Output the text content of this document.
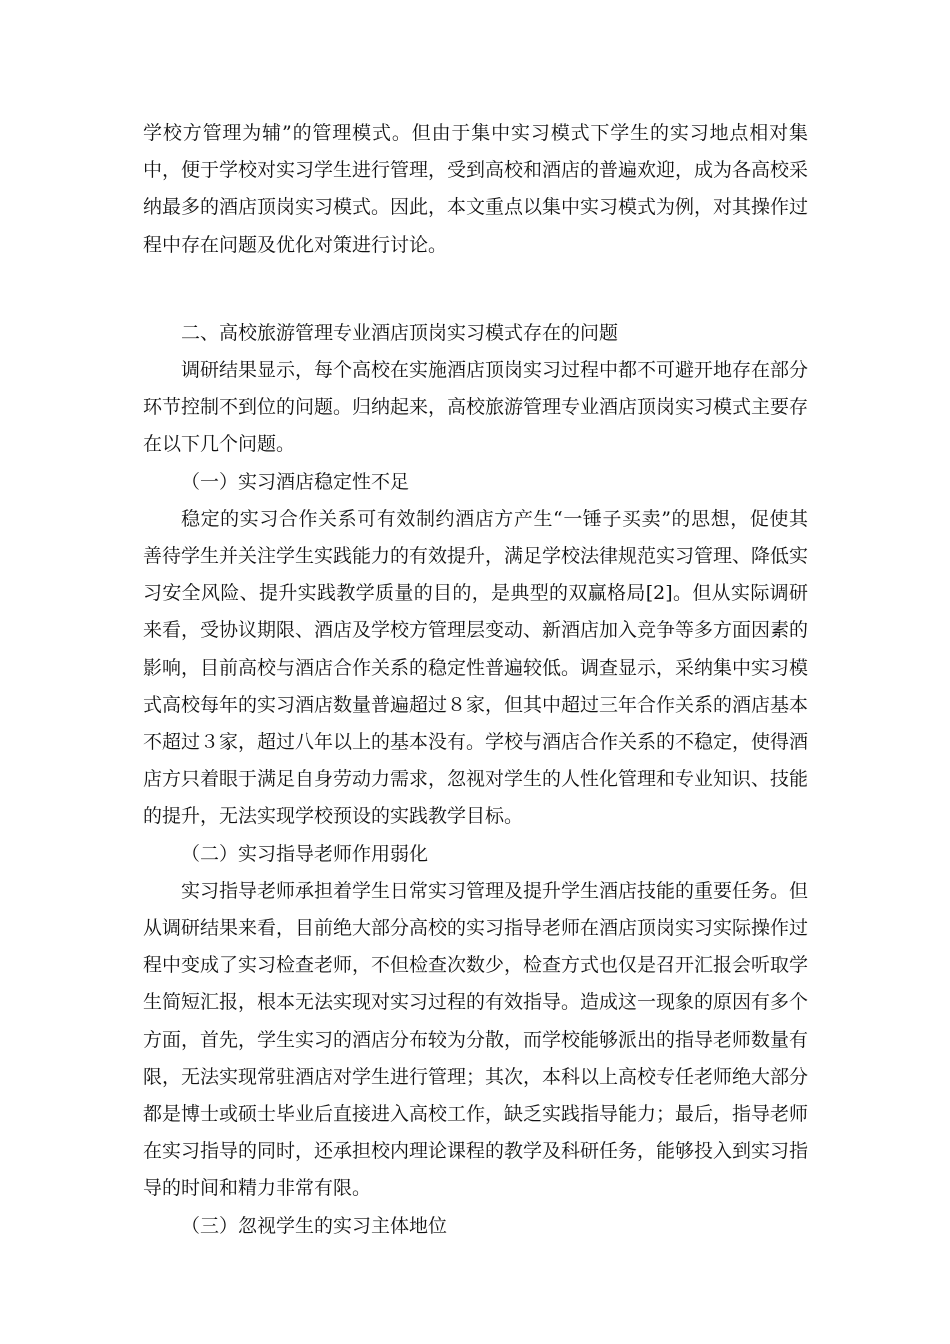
学校方管理为辅”的管理模式。但由于集中实习模式下学生的实习地点相对集中，便于学校对实习学生进行管理，受到高校和酒店的普遍欢迎，成为各高校采纳最多的酒店顶岗实习模式。因此，本文重点以集中实习模式为例，对其操作过程中存在问题及优化对策进行讨论。

二、高校旅游管理专业酒店顶岗实习模式存在的问题

调研结果显示，每个高校在实施酒店顶岗实习过程中都不可避开地存在部分环节控制不到位的问题。归纳起来，高校旅游管理专业酒店顶岗实习模式主要存在以下几个问题。

（一）实习酒店稳定性不足

稳定的实习合作关系可有效制约酒店方产生“一锤子买卖”的思想，促使其善待学生并关注学生实践能力的有效提升，满足学校法律规范实习管理、降低实习安全风险、提升实践教学质量的目的，是典型的双赢格局[2]。但从实际调研来看，受协议期限、酒店及学校方管理层变动、新酒店加入竞争等多方面因素的影响，目前高校与酒店合作关系的稳定性普遍较低。调查显示，采纳集中实习模式高校每年的实习酒店数量普遍超过８家，但其中超过三年合作关系的酒店基本不超过３家，超过八年以上的基本没有。学校与酒店合作关系的不稳定，使得酒店方只着眼于满足自身劳动力需求，忽视对学生的人性化管理和专业知识、技能的提升，无法实现学校预设的实践教学目标。

（二）实习指导老师作用弱化

实习指导老师承担着学生日常实习管理及提升学生酒店技能的重要任务。但从调研结果来看，目前绝大部分高校的实习指导老师在酒店顶岗实习实际操作过程中变成了实习检查老师，不但检查次数少，检查方式也仅是召开汇报会听取学生简短汇报，根本无法实现对实习过程的有效指导。造成这一现象的原因有多个方面，首先，学生实习的酒店分布较为分散，而学校能够派出的指导老师数量有限，无法实现常驻酒店对学生进行管理；其次，本科以上高校专任老师绝大部分都是博士或硕士毕业后直接进入高校工作，缺乏实践指导能力；最后，指导老师在实习指导的同时，还承担校内理论课程的教学及科研任务，能够投入到实习指导的时间和精力非常有限。

（三）忽视学生的实习主体地位
